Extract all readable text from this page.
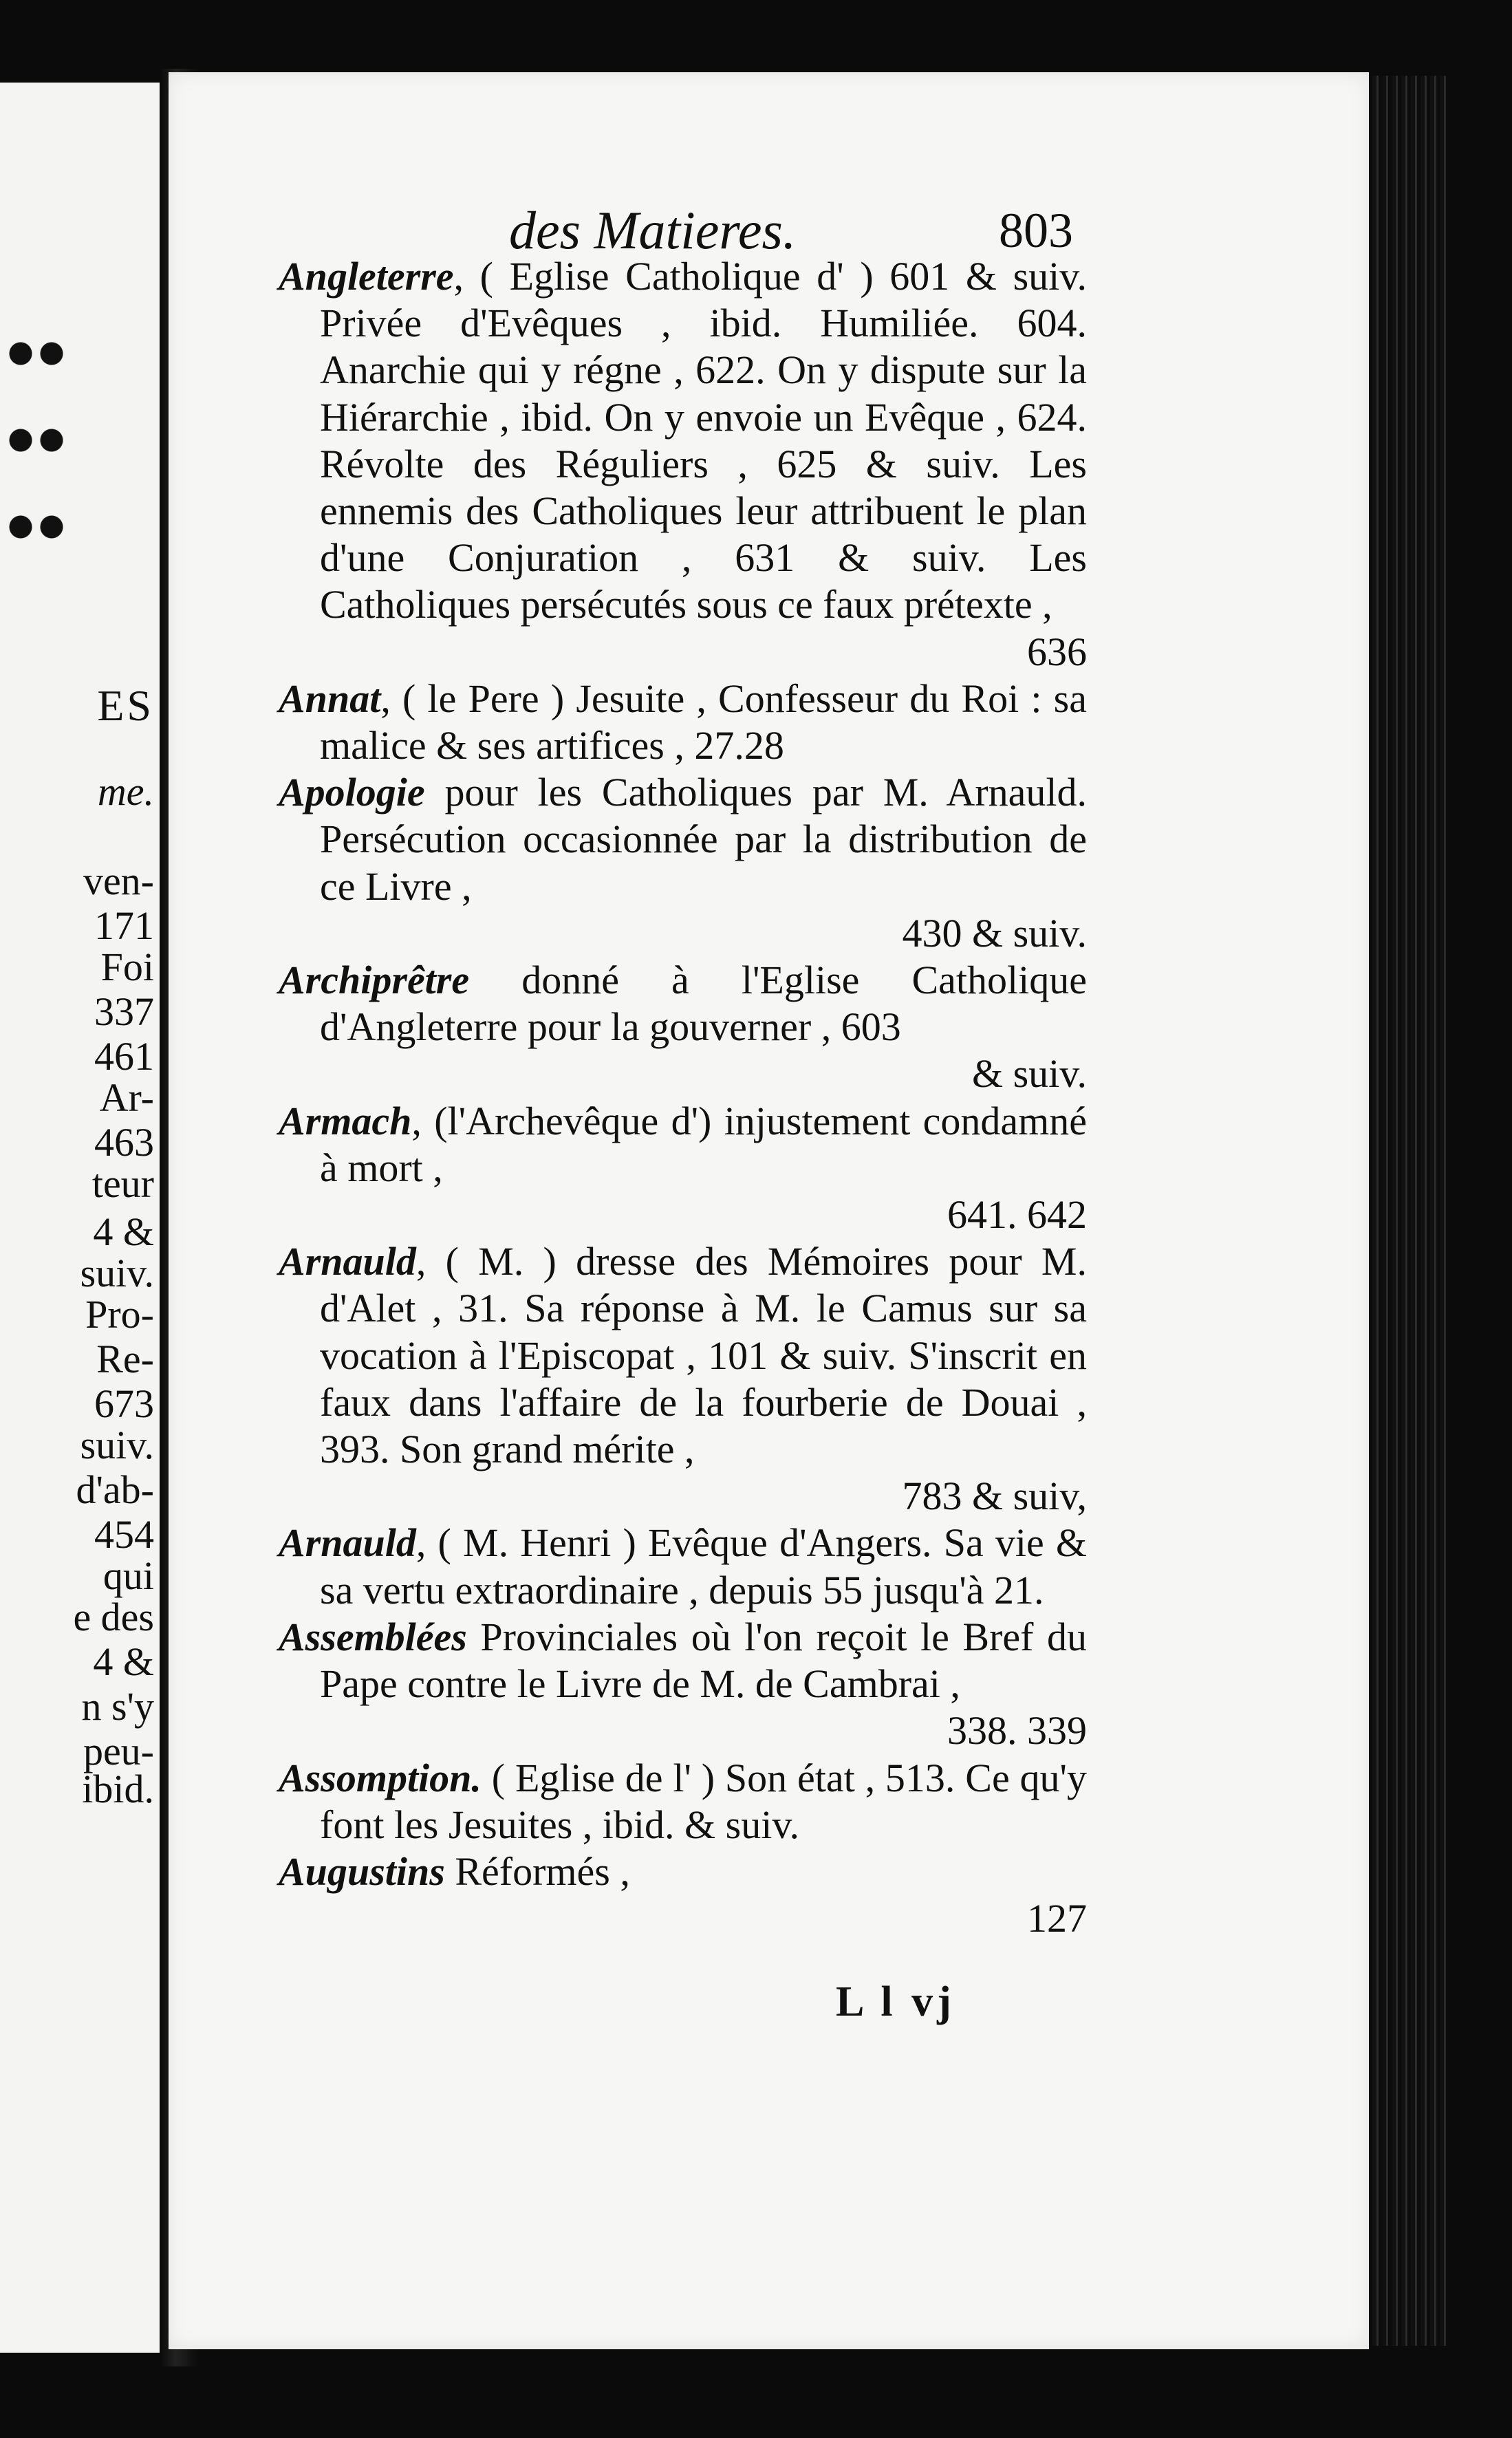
ES
me.
ven-
171
Foi
337
461
Ar-
463
teur
4 &
suiv.
Pro-
Re-
673
suiv.
d'ab-
454
qui
e des
4 &
n s'y
peu-
ibid.
des Matieres.	803
Angleterre, ( Eglise Catholique d' ) 601 & suiv. Privée d'Evêques , ibid. Humiliée. 604. Anarchie qui y régne , 622. On y dispute sur la Hiérarchie , ibid. On y envoie un Evêque , 624. Révolte des Réguliers , 625 & suiv. Les ennemis des Catholiques leur attribuent le plan d'une Conjuration , 631 & suiv. Les Catholiques persécutés sous ce faux prétexte ,
636
Annat, ( le Pere ) Jesuite , Confesseur du Roi : sa malice & ses artifices , 27.28
Apologie pour les Catholiques par M. Arnauld. Persécution occasionnée par la distribution de ce Livre ,
430 & suiv.
Archiprêtre donné à l'Eglise Catholique d'Angleterre pour la gouverner , 603
& suiv.
Armach, (l'Archevêque d') injustement condamné à mort ,
641. 642
Arnauld, ( M. ) dresse des Mémoires pour M. d'Alet , 31. Sa réponse à M. le Camus sur sa vocation à l'Episcopat , 101 & suiv. S'inscrit en faux dans l'affaire de la fourberie de Douai , 393. Son grand mérite ,
783 & suiv,
Arnauld, ( M. Henri ) Evêque d'Angers. Sa vie & sa vertu extraordinaire , depuis 55 jusqu'à 21.
Assemblées Provinciales où l'on reçoit le Bref du Pape contre le Livre de M. de Cambrai ,
338. 339
Assomption. ( Eglise de l' ) Son état , 513. Ce qu'y font les Jesuites , ibid. & suiv.
Augustins Réformés ,
127
L l vj
